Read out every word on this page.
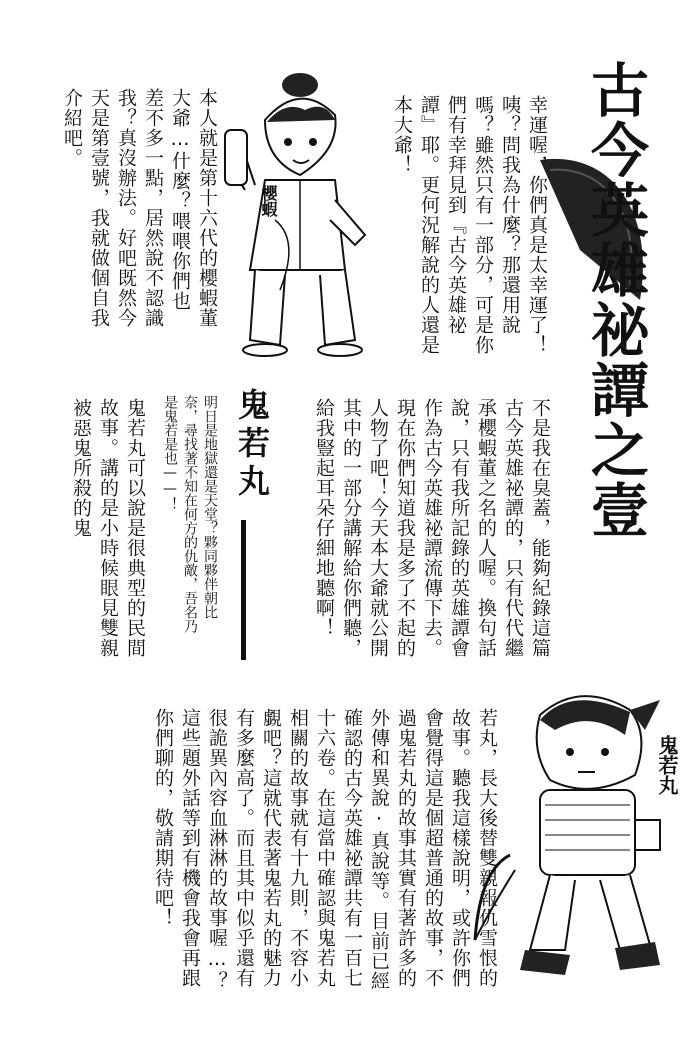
古今英雄祕譚之壹
幸運喔，你們真是太幸運了！咦？問我為什麼？那還用說嗎？雖然只有一部分，可是你們有幸拜見到『古今英雄祕譚』耶。更何況解說的人還是本大爺！
本人就是第十六代的櫻蝦董大爺…什麼？喂喂你們也差不多一點，居然說不認識我？真沒辦法。好吧既然今天是第壹號，我就做個自我介紹吧。
櫻蝦
不是我在臭蓋，能夠紀錄這篇古今英雄祕譚的，只有代代繼承櫻蝦董之名的人喔。換句話說，只有我所記錄的英雄譚會作為古今英雄祕譚流傳下去。現在你們知道我是多了不起的人物了吧！今天本大爺就公開其中的一部分講解給你們聽，給我豎起耳朵仔細地聽啊！
鬼若丸
明日是地獄還是天堂？夥同夥伴朝比奈，尋找著不知在何方的仇敵，吾名乃是鬼若是也——！
鬼若丸可以說是很典型的民間故事。講的是小時候眼見雙親被惡鬼所殺的鬼
若丸，長大後替雙親報仇雪恨的故事。聽我這樣說明，或許你們會覺得這是個超普通的故事，不過鬼若丸的故事其實有著許多的外傳和異說‧真說等。目前已經確認的古今英雄祕譚共有一百七十六卷。在這當中確認與鬼若丸相關的故事就有十九則，不容小覷吧？這就代表著鬼若丸的魅力有多麼高了。而且其中似乎還有很詭異內容血淋淋的故事喔…？這些題外話等到有機會我會再跟你們聊的，敬請期待吧！	鬼若丸
